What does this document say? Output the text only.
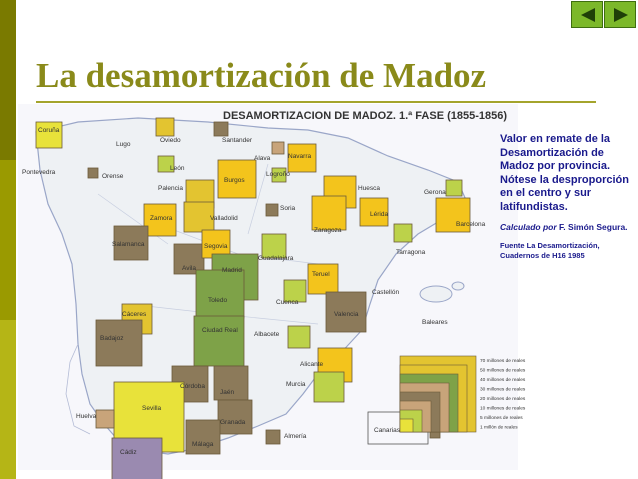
La desamortización de Madoz
DESAMORTIZACION DE MADOZ. 1.ª FASE (1855-1856)
Coruña
Lugo
Oviedo	Santander
Pontevedra
Orense
León
Palencia
Burgos
Alava	Navarra
Logroño
Soria
Huesca
Gerona
Lérida
Barcelona
Zaragoza
Tarragona
Zamora	Valladolid
Salamanca
Avila
Segovia
Madrid
Guadalajara
Teruel
Castellón
Toledo	Cuenca
Valencia
Baleares
Cáceres
Badajoz
Ciudad Real
Albacete
Alicante
Murcia
Córdoba
Jaén
Sevilla
Granada
Huelva
Málaga
Almería
Cádiz
Canarias
70 millones de reales
50 millones de reales
40 millones de reales
30 millones de reales
20 millones de reales
10 millones de reales
5 millones de reales
1 millón de reales

Valor en remate de la Desamortización de Madoz por provincia. Nótese la desproporción en el centro y sur latifundistas.

Calculado por F. Simón Segura.

Fuente La Desamortización, Cuadernos de H16 1985
